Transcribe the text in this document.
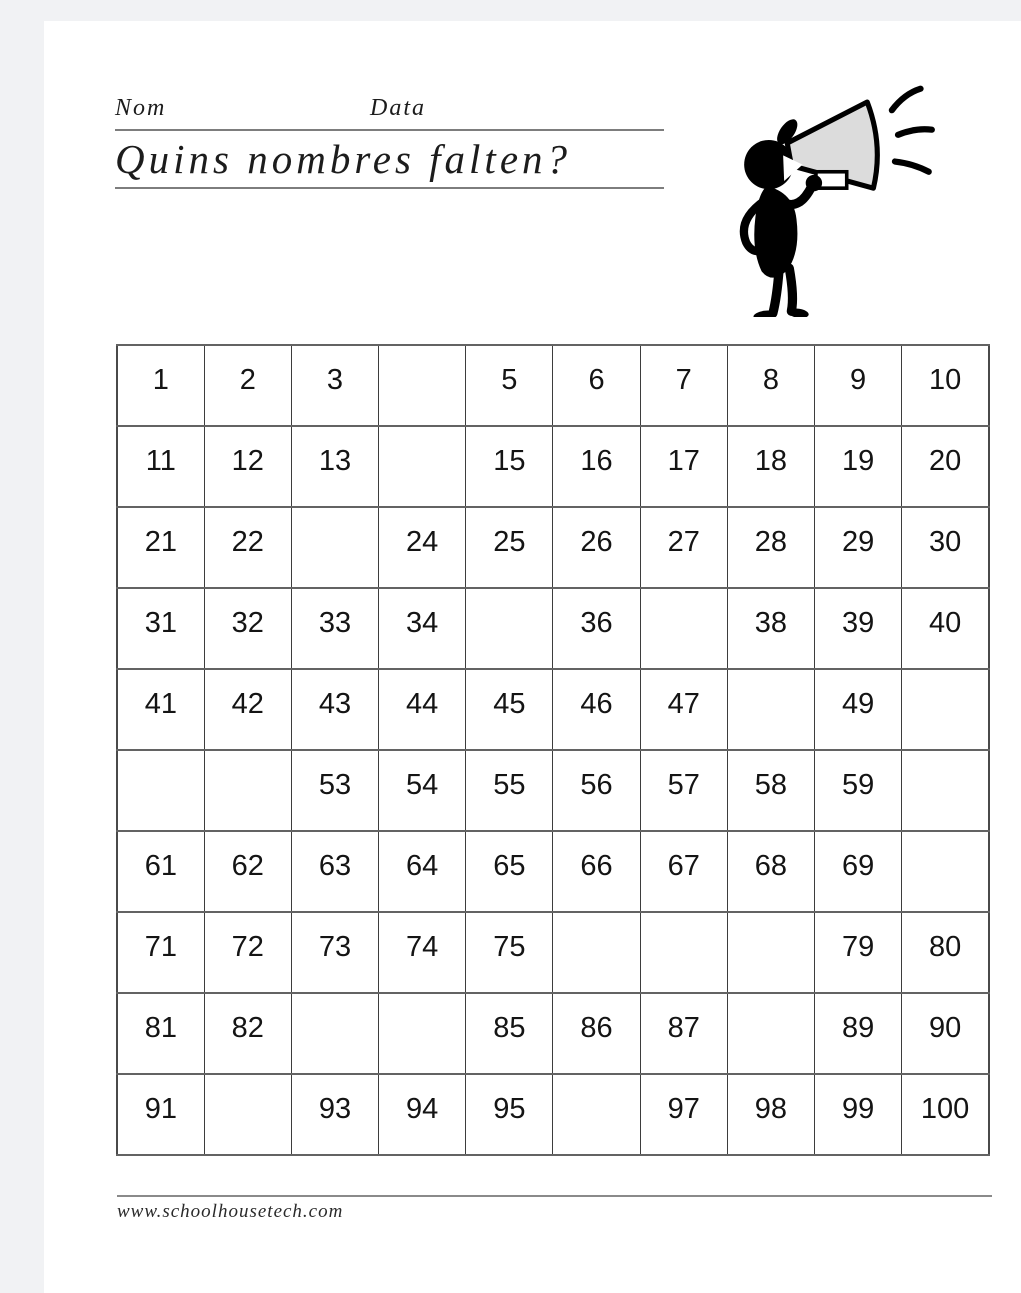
Nom	Data
Quins nombres falten?
1	2	3		5	6	7	8	9	10
11	12	13		15	16	17	18	19	20
21	22		24	25	26	27	28	29	30
31	32	33	34		36		38	39	40
41	42	43	44	45	46	47		49	
		53	54	55	56	57	58	59	
61	62	63	64	65	66	67	68	69	
71	72	73	74	75				79	80
81	82			85	86	87		89	90
91		93	94	95		97	98	99	100
www.schoolhousetech.com
